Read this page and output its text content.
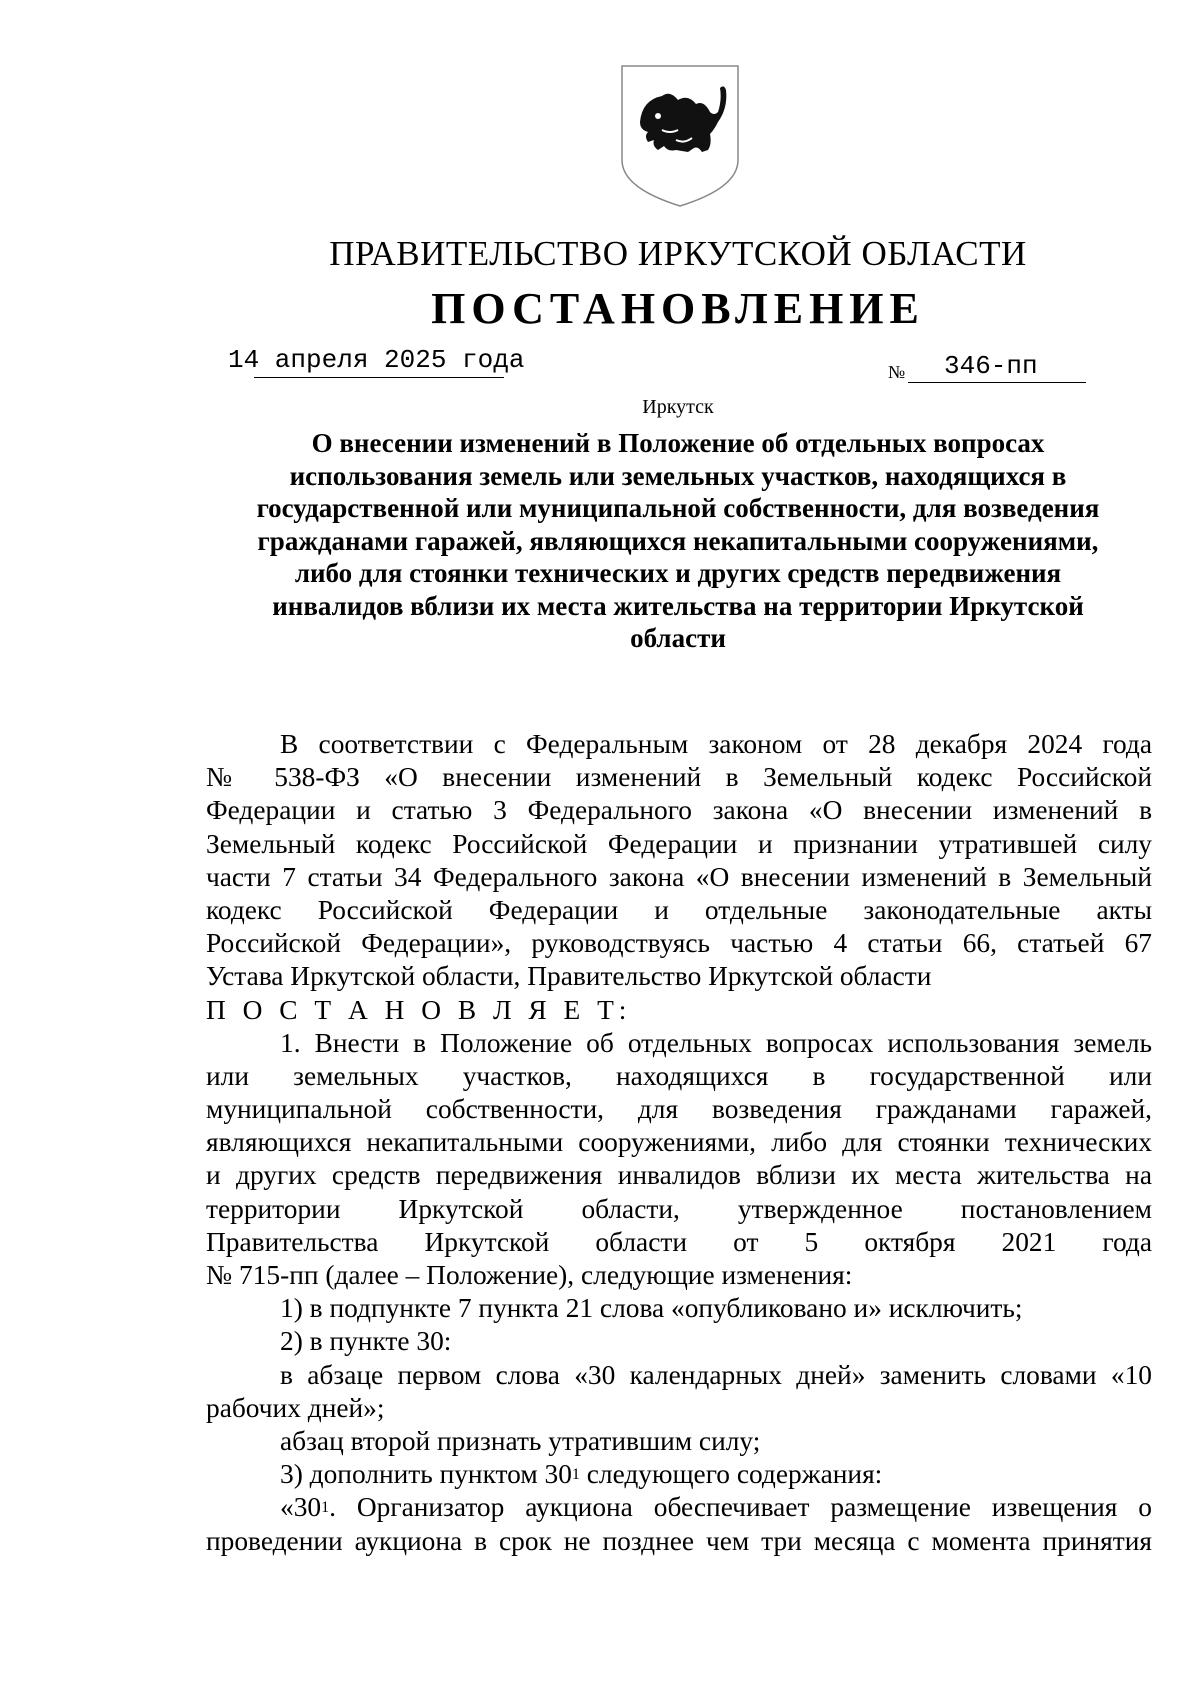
ПРАВИТЕЛЬСТВО ИРКУТСКОЙ ОБЛАСТИ
ПОСТАНОВЛЕНИЕ
14 апреля 2025 года	№ 346-пп
Иркутск
О внесении изменений в Положение об отдельных вопросах
использования земель или земельных участков, находящихся в
государственной или муниципальной собственности, для возведения
гражданами гаражей, являющихся некапитальными сооружениями,
либо для стоянки технических и других средств передвижения
инвалидов вблизи их места жительства на территории Иркутской
области
В соответствии с Федеральным законом от 28 декабря 2024 года
№ 538-ФЗ «О внесении изменений в Земельный кодекс Российской
Федерации и статью 3 Федерального закона «О внесении изменений в
Земельный кодекс Российской Федерации и признании утратившей силу
части 7 статьи 34 Федерального закона «О внесении изменений в Земельный
кодекс Российской Федерации и отдельные законодательные акты
Российской Федерации», руководствуясь частью 4 статьи 66, статьей 67
Устава Иркутской области, Правительство Иркутской области
П О С Т А Н О В Л Я Е Т:
1. Внести в Положение об отдельных вопросах использования земель
или земельных участков, находящихся в государственной или
муниципальной собственности, для возведения гражданами гаражей,
являющихся некапитальными сооружениями, либо для стоянки технических
и других средств передвижения инвалидов вблизи их места жительства на
территории Иркутской области, утвержденное постановлением
Правительства Иркутской области от 5 октября 2021 года
№ 715-пп (далее – Положение), следующие изменения:
1) в подпункте 7 пункта 21 слова «опубликовано и» исключить;
2) в пункте 30:
в абзаце первом слова «30 календарных дней» заменить словами «10
рабочих дней»;
абзац второй признать утратившим силу;
3) дополнить пунктом $30^1$ следующего содержания:
«$30^1$. Организатор аукциона обеспечивает размещение извещения о
проведении аукциона в срок не позднее чем три месяца с момента принятия
